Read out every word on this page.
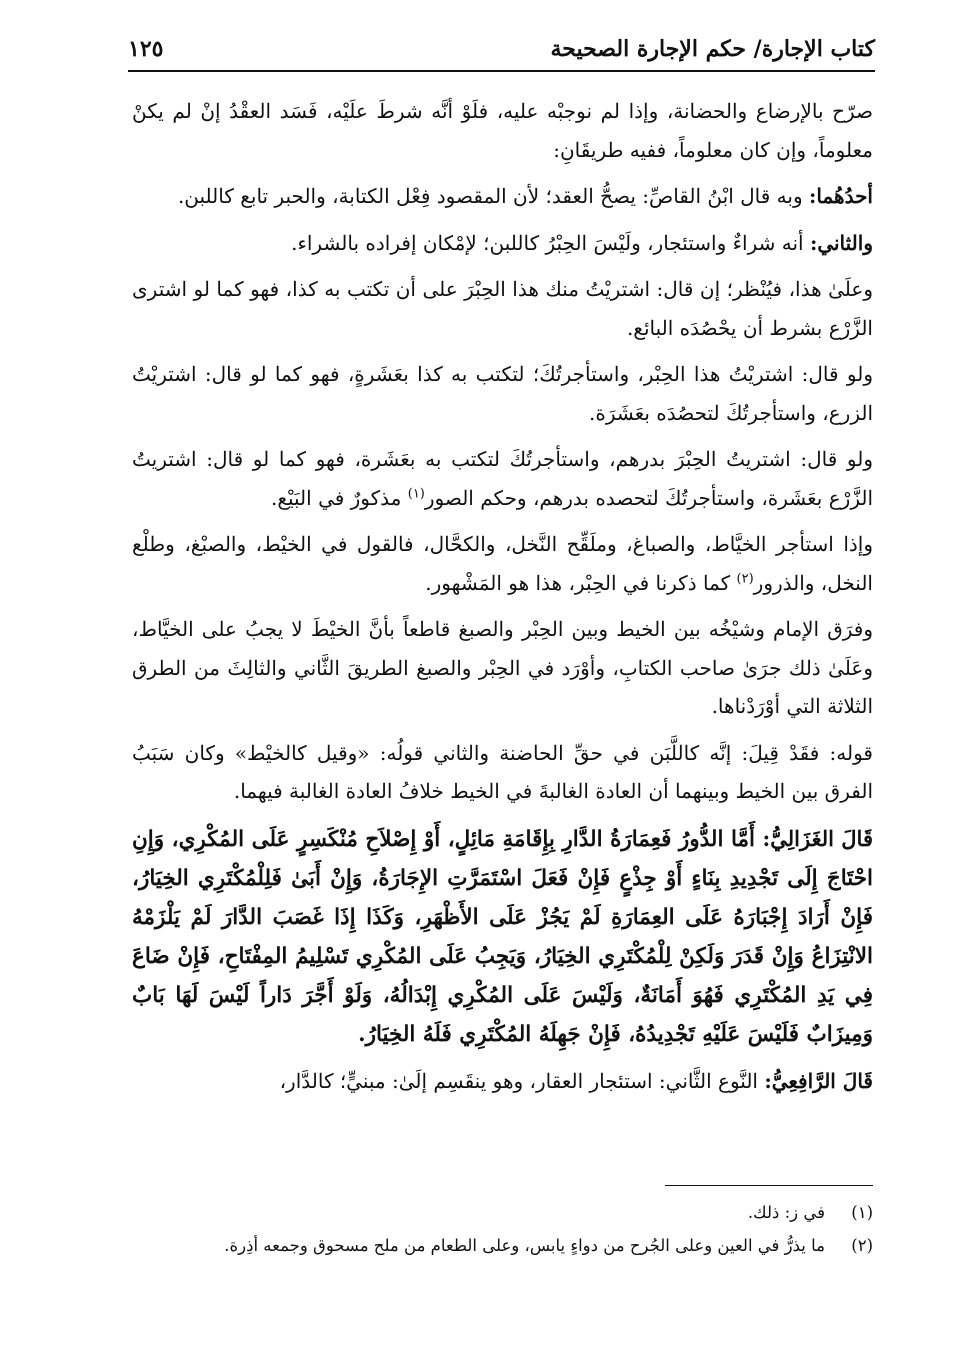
كتاب الإجارة/ حكم الإجارة الصحيحة
١٢٥

صرّح بالإرضاع والحضانة، وإذا لم نوجبْه عليه، فلَوْ أنَّه شرطَ علَيْه، فَسَد العقْدُ إنْ لم يكنْ معلوماً، وإن كان معلوماً، ففيه طريقَانِ:

أحدُهُما: وبه قال ابْنُ القاصِّ: يصحُّ العقد؛ لأن المقصود فِعْل الكتابة، والحبر تابع كاللبن.

والثاني: أنه شراءٌ واستئجار، ولَيْسَ الحِبْرُ كاللبن؛ لإمْكان إفراده بالشراء.

وعلَىٰ هذا، فيُنْظر؛ إن قال: اشتريْتُ منك هذا الحِبْرَ على أن تكتب به كذا، فهو كما لو اشترى الزَّرْع بشرط أن يحْصُدَه البائع.

ولو قال: اشتريْتُ هذا الحِبْر، واستأجرتُكَ؛ لتكتب به كذا بعَشَرةٍ، فهو كما لو قال: اشتريْتُ الزرع، واستأجرتُكَ لتحصُدَه بعَشَرَة.

ولو قال: اشتريتُ الحِبْرَ بدرهم، واستأجرتُكَ لتكتب به بعَشَرة، فهو كما لو قال: اشتريتُ الزَّرْع بعَشَرة، واستأجرتُكَ لتحصده بدرهم، وحكم الصور$^{(١)}$ مذكورٌ في البَيْع.

وإذا استأجر الخيَّاط، والصباغ، وملَقِّح النَّخل، والكحَّال، فالقول في الخيْط، والصبْغ، وطلْع النخل، والذرور$^{(٢)}$ كما ذكرنا في الحِبْر، هذا هو المَشْهور.

وفرَق الإمام وشيْخُه بين الخيط وبين الحِبْر والصبغ قاطعاً بأنَّ الخيْطَ لا يجبُ على الخيَّاط، وعَلَىٰ ذلك جرَىٰ صاحب الكتابِ، وأوْرَد في الحِبْر والصبغ الطريقَ الثَّاني والثالِثَ من الطرق الثلاثة التي أوْرَدْناها.

قوله: فقَدْ قِيلَ: إنَّه كاللَّبَن في حقِّ الحاضنة والثاني قولُه: «وقيل كالخيْط» وكان سَبَبُ الفرق بين الخيط وبينهما أن العادة الغالبةَ في الخيط خلافُ العادة الغالبة فيهما.

قَالَ الغَزَالِيُّ: أَمَّا الدُّورُ فَعِمَارَةُ الدَّارِ بِإِقَامَةِ مَائِلٍ، أَوْ إِصْلاَحِ مُنْكَسِرٍ عَلَى المُكْرِي، وَإِنِ احْتَاجَ إِلَى تَجْدِيدِ بِنَاءٍ أَوْ جِذْعٍ فَإِنْ فَعَلَ اسْتَمَرَّتِ الإِجَارَةُ، وَإِنْ أَبَىٰ فَلِلْمُكْتَرِي الخِيَارُ، فَإِنْ أَرَادَ إِجْبَارَهُ عَلَى العِمَارَةِ لَمْ يَجُزْ عَلَى الأَظْهَرِ، وَكَذَا إِذَا غَصَبَ الدَّارَ لَمْ يَلْزَمْهُ الانْتِزَاعُ وَإِنْ قَدَرَ وَلَكِنْ لِلْمُكْتَرِي الخِيَارُ، وَيَجِبُ عَلَى المُكْرِي تَسْلِيمُ المِفْتَاحِ، فَإِنْ ضَاعَ فِي يَدِ المُكْتَرِي فَهُوَ أَمَانَةٌ، وَلَيْسَ عَلَى المُكْرِي إِبْدَالُهُ، وَلَوْ أَجَّرَ دَاراً لَيْسَ لَهَا بَابٌ وَمِيزَابٌ فَلَيْسَ عَلَيْهِ تَجْدِيدُهُ، فَإِنْ جَهِلَهُ المُكْتَرِي فَلَهُ الخِيَارُ.

قَالَ الرَّافِعِيُّ: النَّوع الثَّاني: استئجار العقار، وهو ينقَسِم إلَىٰ: مبنيٍّ؛ كالدَّار،

(١)
في ز: ذلك.
(٢)
ما يذرُّ في العين وعلى الجُرح من دواءٍ يابس، وعلى الطعام من ملح مسحوق وجمعه أذِرة.
